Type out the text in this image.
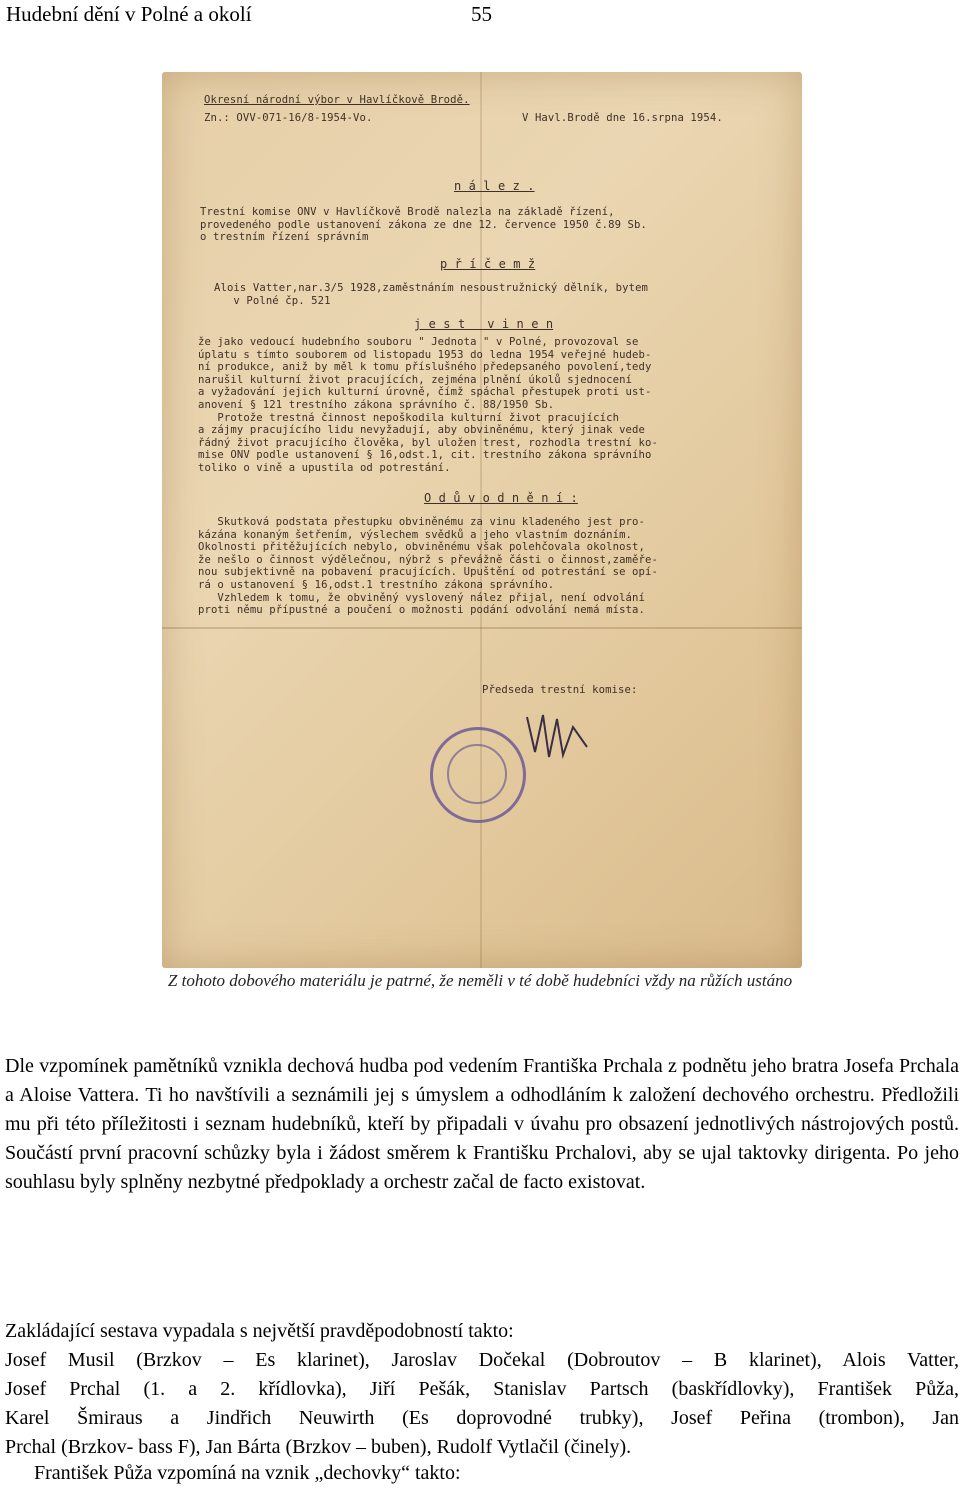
Hudební dění v Polné a okolí	55
Okresní národní výbor v Havlíčkově Brodě.
Zn.: OVV-071-16/8-1954-Vo.	V Havl.Brodě dne 16.srpna 1954.
n á l e z .
Trestní komise ONV v Havlíčkově Brodě nalezla na základě řízení,
provedeného podle ustanovení zákona ze dne 12. července 1950 č.89 Sb.
o trestním řízení správním
p ř í č e m ž
Alois Vatter,nar.3/5 1928,zaměstnáním nesoustružnický dělník, bytem
v Polné čp. 521
j e s t   v i n e n
že jako vedoucí hudebního souboru " Jednota " v Polné, provozoval se
úplatu s tímto souborem od listopadu 1953 do ledna 1954 veřejné hudeb-
ní produkce, aniž by měl k tomu příslušného předepsaného povolení,tedy
narušil kulturní život pracujících, zejména plnění úkolů sjednocení
a vyžadování jejich kulturní úrovně, čímž spáchal přestupek proti ust-
anovení § 121 trestního zákona správního č. 88/1950 Sb.
Protože trestná činnost nepoškodila kulturní život pracujících
a zájmy pracujícího lidu nevyžadují, aby obviněnému, který jinak vede
řádný život pracujícího člověka, byl uložen trest, rozhodla trestní ko-
mise ONV podle ustanovení § 16,odst.1, cit. trestního zákona správního
toliko o vině a upustila od potrestání.
O d ů v o d n ě n í :
Skutková podstata přestupku obviněnému za vinu kladeného jest pro-
kázána konaným šetřením, výslechem svědků a jeho vlastním doznáním.
Okolnosti přitěžujících nebylo, obviněnému však polehčovala okolnost,
že nešlo o činnost výdělečnou, nýbrž s převážně části o činnost,zaměře-
nou subjektivně na pobavení pracujících. Upuštění od potrestání se opí-
rá o ustanovení § 16,odst.1 trestního zákona správního.
Vzhledem k tomu, že obviněný vyslovený nález přijal, není odvolání
proti němu přípustné a poučení o možnosti podání odvolání nemá místa.
Předseda trestní komise:
Z tohoto dobového materiálu je patrné, že neměli v té době hudebníci vždy na růžích ustáno

Dle vzpomínek pamětníků vznikla dechová hudba pod vedením Františka Prchala z podnětu jeho bratra Josefa Prchala a Aloise Vattera. Ti ho navštívili a seznámili jej s úmyslem a odhodláním k založení dechového orchestru. Předložili mu při této příležitosti i seznam hudebníků, kteří by připadali v úvahu pro obsazení jednotlivých nástrojových postů. Součástí první pracovní schůzky byla i žádost směrem k Františku Prchalovi, aby se ujal taktovky dirigenta. Po jeho souhlasu byly splněny nezbytné předpoklady a orchestr začal de facto existovat.

Zakládající sestava vypadala s největší pravděpodobností takto:
Josef Musil (Brzkov – Es klarinet), Jaroslav Dočekal (Dobroutov – B klarinet), Alois Vatter,
Josef Prchal (1. a 2. křídlovka), Jiří Pešák, Stanislav Partsch (baskřídlovky), František Půža,
Karel Šmiraus a Jindřich Neuwirth (Es doprovodné trubky), Josef Peřina (trombon), Jan
Prchal (Brzkov- bass F), Jan Bárta (Brzkov – buben), Rudolf Vytlačil (činely).
František Půža vzpomíná na vznik „dechovky“ takto:
